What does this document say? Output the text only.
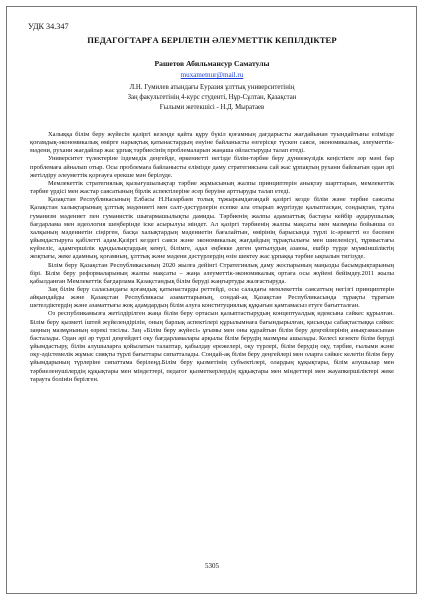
УДК 34.347
ПЕДАГОГТАРҒА БЕРІЛЕТІН ӘЛЕУМЕТТІК КЕПІЛДІКТЕР
Рашетов Абильмансур Саматулы
muxametnur@mail.ru
Л.Н. Гумилев атындағы Еуразия ұлттық университетінің
Заң факультетінің 4-курс студенті, Нұр-Сұлтан, Қазақстан
Ғылыми жетекшісі - Н.Д. Мыратаев

Халыққа білім беру жүйесін қазіргі кезеңде қайта құру бүкіл қоғамның дағдарысты жағдайынан туындайтыны елімізде қоғамдық-экономикалық өмірге нарықтық қатынастардың енуіне байланысты өзгерісқе түскен саяси, экономикалық, әлеуметтік-мәдени, рухани жағдайлар жас ұрпақ тәрбиесінің проблемаларын жаңаша ойластыруды талап етеді.

Университет түлектеріне іздемедік деңгейде, өркениетті негізде білім-тәрбие беру дүниежүзідік кеңістікте зор мәні бар проблемаға айналып отыр. Осы проблемаға байланысты елімізде даму стратегиясына сай жас ұрпақтың рухани байлығын одан әрі жетілдіру әлеуметтік қорғауға ерекше мән берілуде.

Мемлекеттік стратегиялық қызығушылықтар тәрбие жұмысының жалпы принциптерін анықтау шарттарын, мемлекеттік тәрбие үрдісі мен жастар саясатының бірлік аспектілеріне әсер беруіне арттыруды талап етеді.

Қазақстан Республикасының Елбасы Н.Назарбаев толық тұжырымдағандай қазіргі кезде білім және тәрбие саясаты Қазақстан халықтарының ұлттық мәдениеті мен салт-дәстүрлерін есепке ала отырып жүргізуде қалыптасқан, сондықтан, тұлға гуманизм мәдениет пен гуманистік шығармашылықты дамиды. Тәрбиенің жалпы адамзаттық бастауы кейбір аударушылық бағдарлама мен идеология шеңберінде іске асырылуы міндет. Ал қазіргі тәрбиенің жалпы мақсаты мен мазмұны бойынша оз халқының мәдениетін сіңірген, басқа халықтардың мәдениетін бағалайтын, өмірінің барысында түрлі іс-әрекетті өз бәсенен ұйымдастыруға қабілетті адам.Қазіргі кездегі саяси және экономикалық жағдайдың тұрақтылығы мен шиеленісуі, тұрмыстағы күйзеліс, адамгершілік құндылықтардың кемуі, білімге, адал еңбекке деген ұмтылудың азаюы, ешбір түрде мүмкіншіліктің жоқтығы, жеке адамның, қоғамның, ұлттық және мәдени дәстүрлердің өзін шектеу жас ұрпаққа тәрбие ықпалын тигізуде.

Білім беру Қазақстан Республикасының 2020 жылға дейінгі Стратегиялық даму жоспарының маңызды басымдықтарының бірі. Білім беру реформаларының жалпы мақсаты – жаңа әлеуметтік-экономикалық ортаға осы жүйені бейімдеу.2011 жылы қабылданған Мемлекеттік бағдарлама Қазақстандық білім беруді жаңғыртуды жалғастыруда.

Заң білім беру саласындағы қоғамдық қатынастарды реттейді, осы саладағы мемлекеттік саясаттың негізгі принциптерін айқындайды және Қазақстан Республикасы азаматтарының, сондай-ақ Қазақстан Республикасында тұрақты тұратын шетелдіктердің және азаматтығы жоқ адамдардың білім алуға конституциялық құқығын қамтамасыз етуге бағытталған.

Оз республикамызға жетілдірілген жаңа білім беру ортасын қалыптастырудың концептуалдық идеясына сәйкес құрылған. Білім беру қызметі íштей жүйелендірілін, оның барлық аспектілері құрылымнаға бағындырылған, қисынды сабақтастыққа сәйкес заңның мазмұнының өзрекі тәсілы. Заң «Білім беру жүйесі» ұғымы мен оны құрайтын білім беру деңгейлерінің анықтамасынан басталады. Одан әрі әр түрлі деңгейдегі оқу бағдарламалары арқылы білім берудің мазмұны ашылады. Келесі кезекте білім беруді ұйымдастыру, білім алушыларға қойылатын талаптар, қабылдау ережелері, оқу түрлері, білім берудің оқу, тәрбие, ғылыми және оқу-әдістемелік жұмыс сияқты түрлі бағыттары сипатталады. Сондай-ақ білім беру деңгейлері мен оларға сәйкес келетін білім беру ұйымдарының түрлеріне сипаттама берілеңд.Білім беру қызметінің субъектілері, олардың құқықтары, білім алушылар мен тәрбиеленушілердің құқықтары мен міндеттері, педагог қызметкерлердің құқықтары мен міндеттері мен жауапкершіліктері жеке тараута болінін берілген.

5305
